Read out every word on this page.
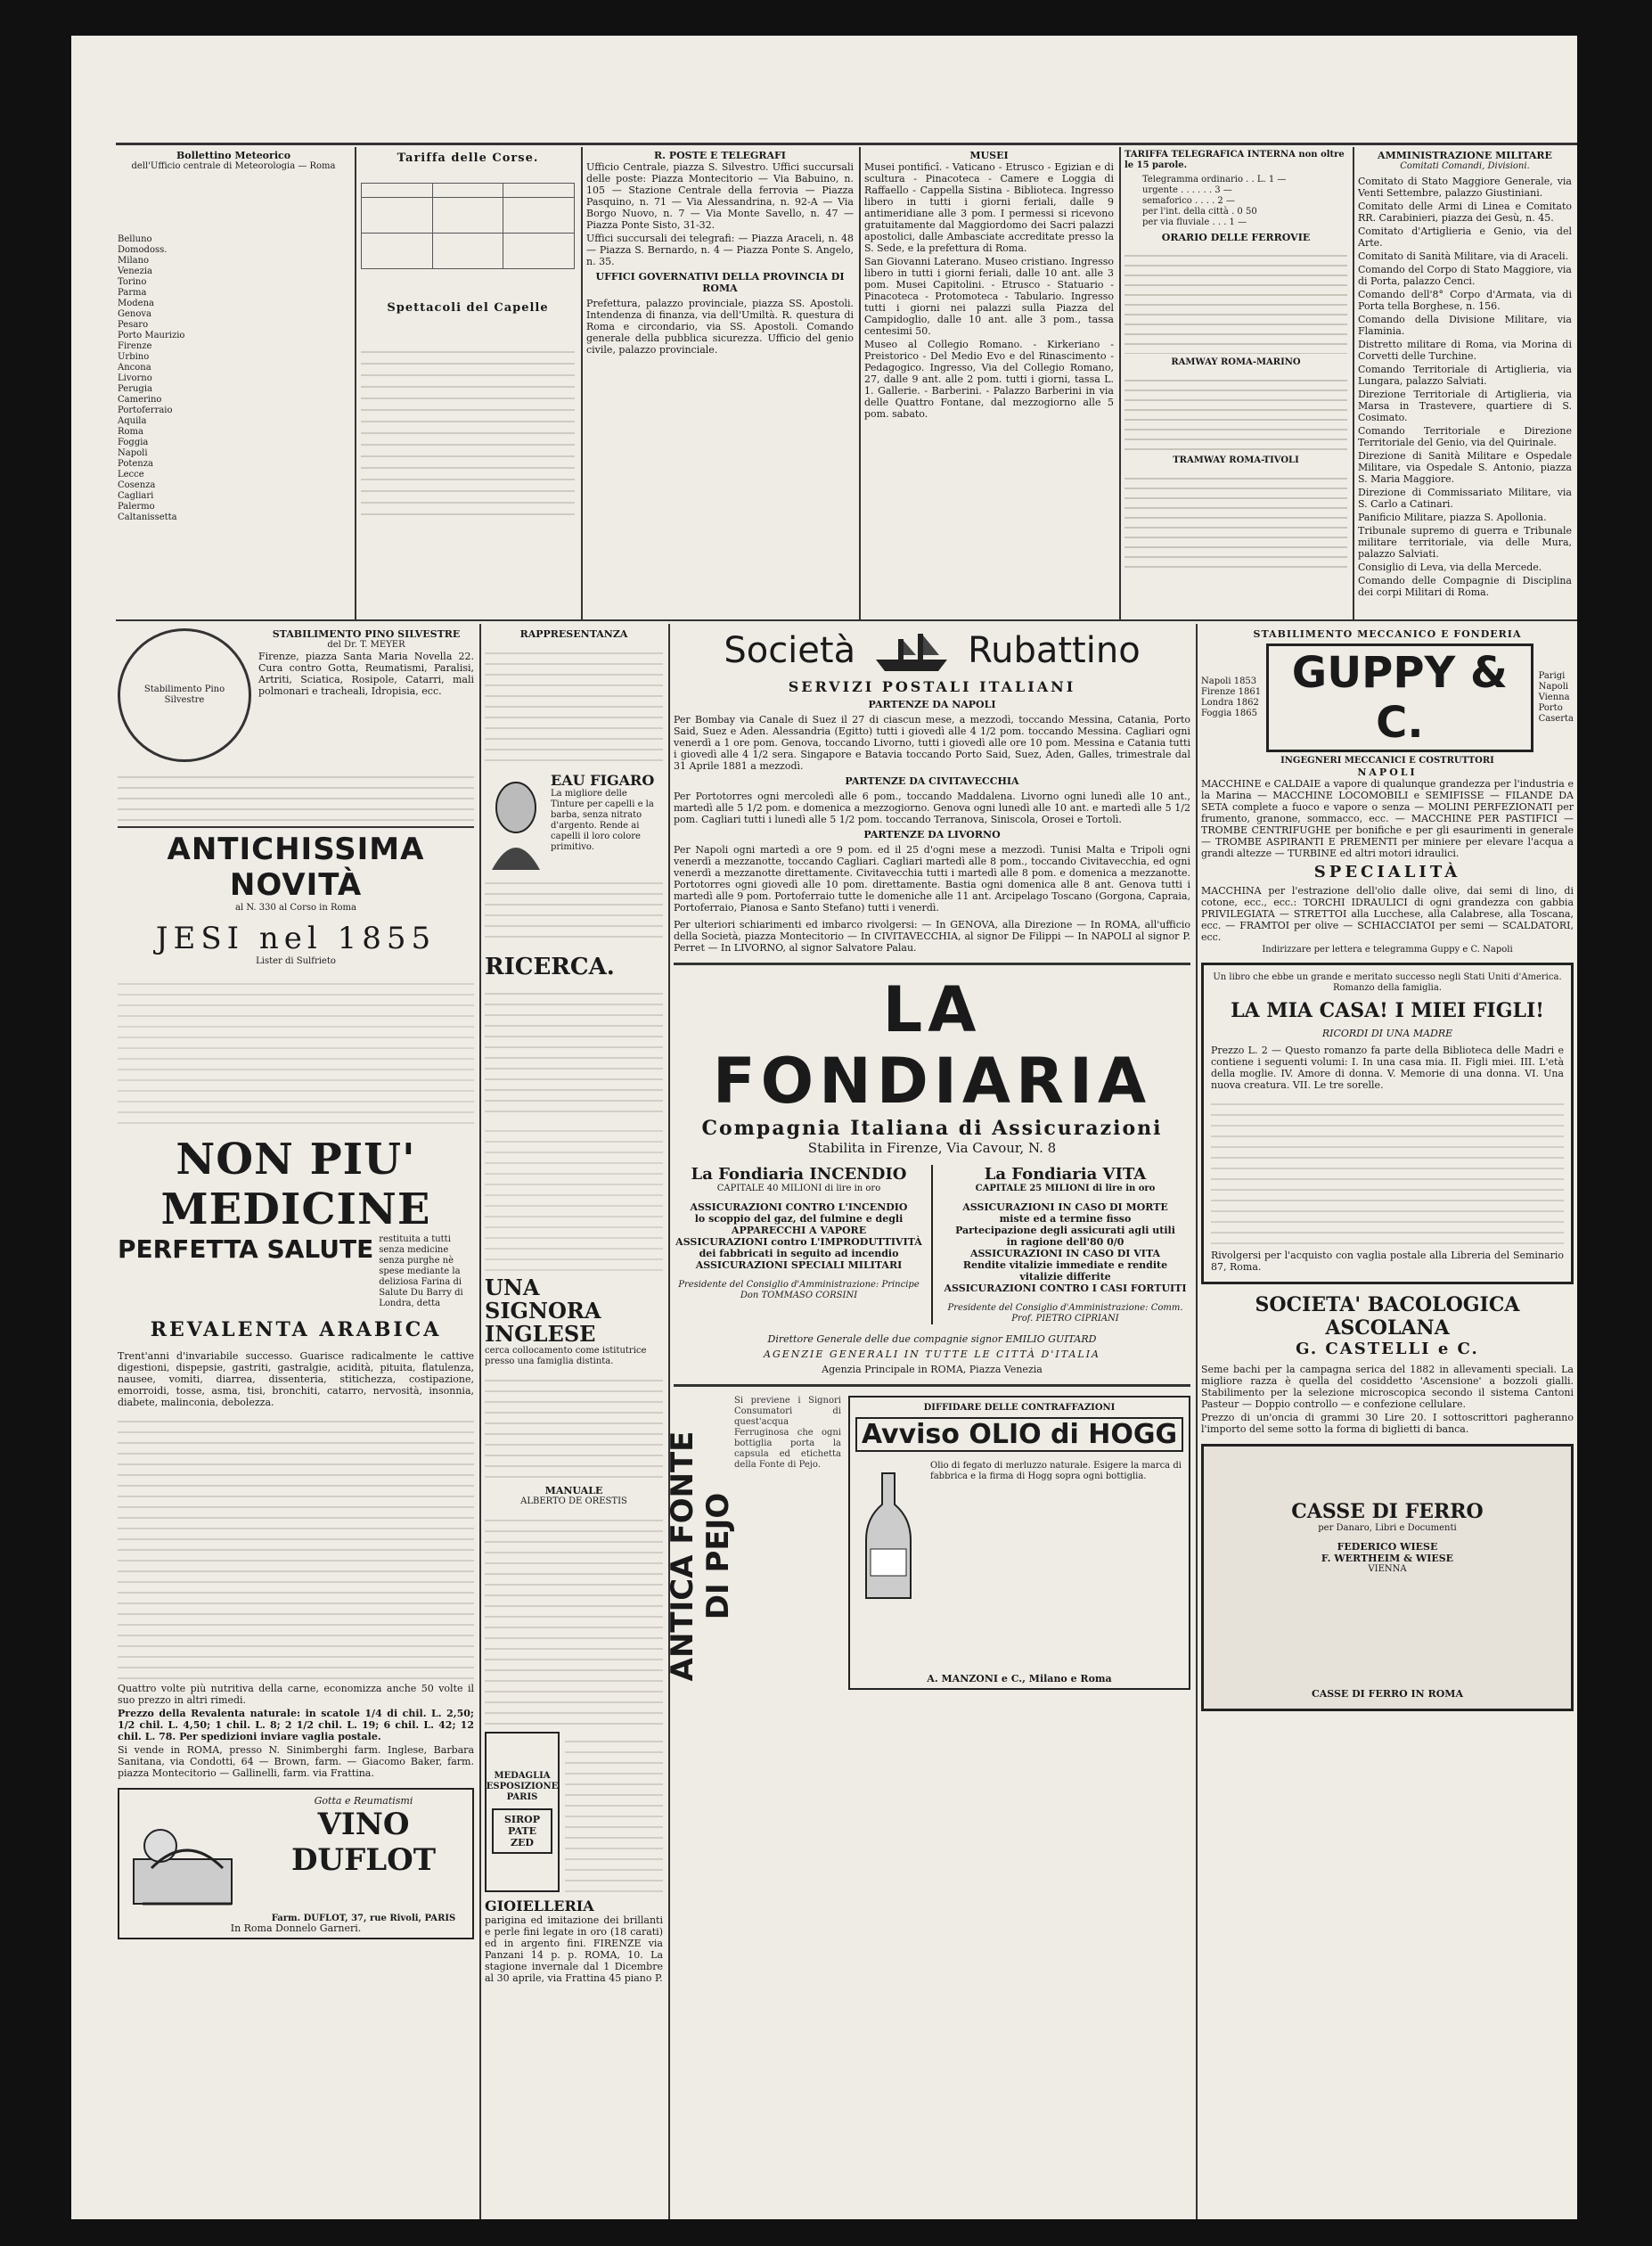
Bollettino Meteorico
dell'Ufficio centrale di Meteorologia — Roma
Belluno
Domodoss.
Milano
Venezia
Torino
Parma
Modena
Genova
Pesaro
Porto Maurizio
Firenze
Urbino
Ancona
Livorno
Perugia
Camerino
Portoferraio
Aquila
Roma
Foggia
Napoli
Potenza
Lecce
Cosenza
Cagliari
Palermo
Caltanissetta
Tariffa delle Corse.

Spettacoli del Capelle
R. POSTE E TELEGRAFI
Ufficio Centrale, piazza S. Silvestro. Uffici succursali delle poste: Piazza Montecitorio — Via Babuino, n. 105 — Stazione Centrale della ferrovia — Piazza Pasquino, n. 71 — Via Alessandrina, n. 92-A — Via Borgo Nuovo, n. 7 — Via Monte Savello, n. 47 — Piazza Ponte Sisto, 31-32.
Uffici succursali dei telegrafi: — Piazza Araceli, n. 48 — Piazza S. Bernardo, n. 4 — Piazza Ponte S. Angelo, n. 35.
UFFICI GOVERNATIVI DELLA PROVINCIA DI ROMA
Prefettura, palazzo provinciale, piazza SS. Apostoli. Intendenza di finanza, via dell'Umiltà. R. questura di Roma e circondario, via SS. Apostoli. Comando generale della pubblica sicurezza. Ufficio del genio civile, palazzo provinciale.
MUSEI
Musei pontificî. - Vaticano - Etrusco - Egizian e di scultura - Pinacoteca - Camere e Loggia di Raffaello - Cappella Sistina - Biblioteca. Ingresso libero in tutti i giorni feriali, dalle 9 antimeridiane alle 3 pom. I permessi si ricevono gratuitamente dal Maggiordomo dei Sacri palazzi apostolici, dalle Ambasciate accreditate presso la S. Sede, e la prefettura di Roma.
San Giovanni Laterano. Museo cristiano. Ingresso libero in tutti i giorni feriali, dalle 10 ant. alle 3 pom. Musei Capitolini. - Etrusco - Statuario - Pinacoteca - Protomoteca - Tabulario. Ingresso tutti i giorni nei palazzi sulla Piazza del Campidoglio, dalle 10 ant. alle 3 pom., tassa centesimi 50.
Museo al Collegio Romano. - Kirkeriano - Preistorico - Del Medio Evo e del Rinascimento - Pedagogico. Ingresso, Via del Collegio Romano, 27, dalle 9 ant. alle 2 pom. tutti i giorni, tassa L. 1. Gallerie. - Barberini. - Palazzo Barberini in via delle Quattro Fontane, dal mezzogiorno alle 5 pom. sabato.
TARIFFA TELEGRAFICA INTERNA non oltre le 15 parole.
Telegramma ordinario . . L. 1 —
urgente . . . . . . 3 —
semaforico . . . . 2 —
per l'int. della città . 0 50
per via fluviale . . . 1 —
ORARIO DELLE FERROVIE
RAMWAY ROMA-MARINO
TRAMWAY ROMA-TIVOLI
AMMINISTRAZIONE MILITARE
Comitati Comandi, Divisioni.
Comitato di Stato Maggiore Generale, via Venti Settembre, palazzo Giustiniani.
Comitato delle Armi di Linea e Comitato RR. Carabinieri, piazza dei Gesù, n. 45.
Comitato d'Artiglieria e Genio, via del Arte.
Comitato di Sanità Militare, via di Araceli.
Comando del Corpo di Stato Maggiore, via di Porta, palazzo Cenci.
Comando dell'8° Corpo d'Armata, via di Porta tella Borghese, n. 156.
Comando della Divisione Militare, via Flaminia.
Distretto militare di Roma, via Morina di Corvetti delle Turchine.
Comando Territoriale di Artiglieria, via Lungara, palazzo Salviati.
Direzione Territoriale di Artiglieria, via Marsa in Trastevere, quartiere di S. Cosimato.
Comando Territoriale e Direzione Territoriale del Genio, via del Quirinale.
Direzione di Sanità Militare e Ospedale Militare, via Ospedale S. Antonio, piazza S. Maria Maggiore.
Direzione di Commissariato Militare, via S. Carlo a Catinari.
Panificio Militare, piazza S. Apollonia.
Tribunale supremo di guerra e Tribunale militare territoriale, via delle Mura, palazzo Salviati.
Consiglio di Leva, via della Mercede.
Comando delle Compagnie di Disciplina dei corpi Militari di Roma.
Stabilimento Pino Silvestre
STABILIMENTO PINO SILVESTRE
del Dr. T. MEYER
Firenze, piazza Santa Maria Novella 22. Cura contro Gotta, Reumatismi, Paralisi, Artriti, Sciatica, Rosipole, Catarri, mali polmonari e tracheali, Idropisia, ecc.
ANTICHISSIMA NOVITÀ
al N. 330 al Corso in Roma
JESI nel 1855
Lister di Sulfrieto
NON PIU' MEDICINE
PERFETTA SALUTE restituita a tutti senza medicine senza purghe nè spese mediante la deliziosa Farina di Salute Du Barry di Londra, detta
REVALENTA ARABICA
Trent'anni d'invariabile successo. Guarisce radicalmente le cattive digestioni, dispepsie, gastriti, gastralgie, acidità, pituita, flatulenza, nausee, vomiti, diarrea, dissenteria, stitichezza, costipazione, emorroidi, tosse, asma, tisi, bronchiti, catarro, nervosità, insonnia, diabete, malinconia, debolezza.
Quattro volte più nutritiva della carne, economizza anche 50 volte il suo prezzo in altri rimedi.
Prezzo della Revalenta naturale: in scatole 1/4 di chil. L. 2,50; 1/2 chil. L. 4,50; 1 chil. L. 8; 2 1/2 chil. L. 19; 6 chil. L. 42; 12 chil. L. 78. Per spedizioni inviare vaglia postale.
Si vende in ROMA, presso N. Sinimberghi farm. Inglese, Barbara Sanitana, via Condotti, 64 — Brown, farm. — Giacomo Baker, farm. piazza Montecitorio — Gallinelli, farm. via Frattina.
Gotta e Reumatismi
VINO DUFLOT
Farm. DUFLOT, 37, rue Rivoli, PARIS
In Roma Donnelo Garneri.
RAPPRESENTANZA
EAU FIGARO
La migliore delle Tinture per capelli e la barba, senza nitrato d'argento. Rende ai capelli il loro colore primitivo.
RICERCA.
UNA SIGNORA INGLESE
cerca collocamento come istitutrice presso una famiglia distinta.
MANUALE
ALBERTO DE ORESTIS
MEDAGLIA ESPOSIZIONE PARIS
SIROP PATE ZED
GIOIELLERIA
parigina ed imitazione dei brillanti e perle fini legate in oro (18 carati) ed in argento fini. FIRENZE via Panzani 14 p. p. ROMA, 10. La stagione invernale dal 1 Dicembre al 30 aprile, via Frattina 45 piano P.
Società	Rubattino
SERVIZI POSTALI ITALIANI
PARTENZE DA NAPOLI
Per Bombay via Canale di Suez il 27 di ciascun mese, a mezzodì, toccando Messina, Catania, Porto Said, Suez e Aden. Alessandria (Egitto) tutti i giovedì alle 4 1/2 pom. toccando Messina. Cagliari ogni venerdì a 1 ore pom. Genova, toccando Livorno, tutti i giovedì alle ore 10 pom. Messina e Catania tutti i giovedì alle 4 1/2 sera. Singapore e Batavia toccando Porto Said, Suez, Aden, Galles, trimestrale dal 31 Aprile 1881 a mezzodì.
PARTENZE DA CIVITAVECCHIA
Per Portotorres ogni mercoledì alle 6 pom., toccando Maddalena. Livorno ogni lunedì alle 10 ant., martedì alle 5 1/2 pom. e domenica a mezzogiorno. Genova ogni lunedì alle 10 ant. e martedì alle 5 1/2 pom. Cagliari tutti i lunedì alle 5 1/2 pom. toccando Terranova, Siniscola, Orosei e Tortolì.
PARTENZE DA LIVORNO
Per Napoli ogni martedì a ore 9 pom. ed il 25 d'ogni mese a mezzodì. Tunisi Malta e Tripoli ogni venerdì a mezzanotte, toccando Cagliari. Cagliari martedì alle 8 pom., toccando Civitavecchia, ed ogni venerdì a mezzanotte direttamente. Civitavecchia tutti i martedì alle 8 pom. e domenica a mezzanotte. Portotorres ogni giovedì alle 10 pom. direttamente. Bastia ogni domenica alle 8 ant. Genova tutti i martedì alle 9 pom. Portoferraio tutte le domeniche alle 11 ant. Arcipelago Toscano (Gorgona, Capraia, Portoferraio, Pianosa e Santo Stefano) tutti i venerdì.
Per ulteriori schiarimenti ed imbarco rivolgersi: — In GENOVA, alla Direzione — In ROMA, all'ufficio della Società, piazza Montecitorio — In CIVITAVECCHIA, al signor De Filippi — In NAPOLI al signor P. Perret — In LIVORNO, al signor Salvatore Palau.
LA FONDIARIA
Compagnia Italiana di Assicurazioni
Stabilita in Firenze, Via Cavour, N. 8
La Fondiaria INCENDIO
CAPITALE 40 MILIONI di lire in oro
ASSICURAZIONI CONTRO L'INCENDIO
lo scoppio del gaz, del fulmine e degli APPARECCHI A VAPORE
ASSICURAZIONI contro L'IMPRODUTTIVITÀ
dei fabbricati in seguito ad incendio
ASSICURAZIONI SPECIALI MILITARI
Presidente del Consiglio d'Amministrazione: Principe Don TOMMASO CORSINI
La Fondiaria VITA
CAPITALE 25 MILIONI di lire in oro
ASSICURAZIONI IN CASO DI MORTE
miste ed a termine fisso
Partecipazione degli assicurati agli utili
in ragione dell'80 0/0
ASSICURAZIONI IN CASO DI VITA
Rendite vitalizie immediate e rendite vitalizie differite
ASSICURAZIONI CONTRO I CASI FORTUITI
Presidente del Consiglio d'Amministrazione: Comm. Prof. PIETRO CIPRIANI
Direttore Generale delle due compagnie signor EMILIO GUITARD
AGENZIE GENERALI IN TUTTE LE CITTÀ D'ITALIA
Agenzia Principale in ROMA, Piazza Venezia
ANTICA FONTE DI PEJO
Si previene i Signori Consumatori di quest'acqua Ferruginosa che ogni bottiglia porta la capsula ed etichetta della Fonte di Pejo.
DIFFIDARE DELLE CONTRAFFAZIONI
Avviso OLIO di HOGG
Olio di fegato di merluzzo naturale. Esigere la marca di fabbrica e la firma di Hogg sopra ogni bottiglia.
A. MANZONI e C., Milano e Roma
STABILIMENTO MECCANICO E FONDERIA
Napoli 1853
Firenze 1861
Londra 1862
Foggia 1865
GUPPY & C.
Parigi
Napoli
Vienna
Porto
Caserta
INGEGNERI MECCANICI E COSTRUTTORI
NAPOLI
MACCHINE e CALDAIE a vapore di qualunque grandezza per l'industria e la Marina — MACCHINE LOCOMOBILI e SEMIFISSE — FILANDE DA SETA complete a fuoco e vapore o senza — MOLINI PERFEZIONATI per frumento, granone, sommacco, ecc. — MACCHINE PER PASTIFICI — TROMBE CENTRIFUGHE per bonifiche e per gli esaurimenti in generale — TROMBE ASPIRANTI E PREMENTI per miniere per elevare l'acqua a grandi altezze — TURBINE ed altri motori idraulici.
SPECIALITÀ
MACCHINA per l'estrazione dell'olio dalle olive, dai semi di lino, di cotone, ecc., ecc.: TORCHI IDRAULICI di ogni grandezza con gabbia PRIVILEGIATA — STRETTOI alla Lucchese, alla Calabrese, alla Toscana, ecc. — FRAMTOI per olive — SCHIACCIATOI per semi — SCALDATORI, ecc.
Indirizzare per lettera e telegramma Guppy e C. Napoli
Un libro che ebbe un grande e meritato successo negli Stati Uniti d'America. Romanzo della famiglia.
LA MIA CASA! I MIEI FIGLI!
RICORDI DI UNA MADRE
Prezzo L. 2 — Questo romanzo fa parte della Biblioteca delle Madri e contiene i seguenti volumi: I. In una casa mia. II. Figli miei. III. L'età della moglie. IV. Amore di donna. V. Memorie di una donna. VI. Una nuova creatura. VII. Le tre sorelle.
Rivolgersi per l'acquisto con vaglia postale alla Libreria del Seminario 87, Roma.
SOCIETA' BACOLOGICA ASCOLANA
G. CASTELLI e C.
Seme bachi per la campagna serica del 1882 in allevamenti speciali. La migliore razza è quella del cosiddetto 'Ascensione' a bozzoli gialli. Stabilimento per la selezione microscopica secondo il sistema Cantoni Pasteur — Doppio controllo — e confezione cellulare.
Prezzo di un'oncia di grammi 30 Lire 20. I sottoscrittori pagheranno l'importo del seme sotto la forma di biglietti di banca.
CASSE DI FERRO
per Danaro, Libri e Documenti
FEDERICO WIESE
F. WERTHEIM & WIESE
VIENNA
CASSE DI FERRO IN ROMA
